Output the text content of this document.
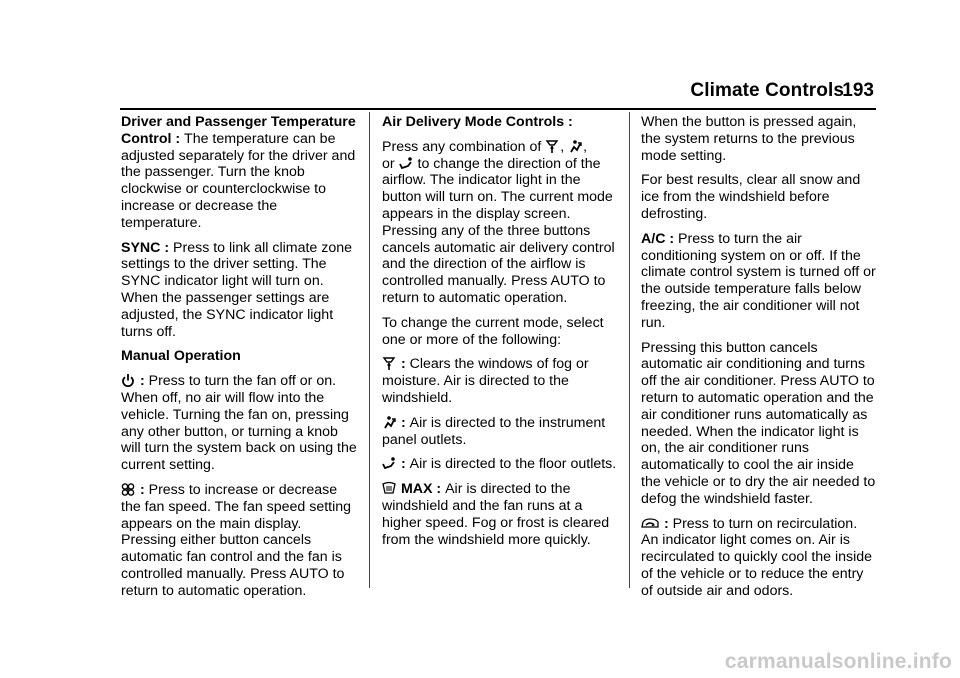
Climate Controls
193

Driver and Passenger Temperature Control : The temperature can be adjusted separately for the driver and the passenger. Turn the knob clockwise or counterclockwise to increase or decrease the temperature.

SYNC : Press to link all climate zone settings to the driver setting. The SYNC indicator light will turn on. When the passenger settings are adjusted, the SYNC indicator light turns off.

Manual Operation

: Press to turn the fan off or on. When off, no air will flow into the vehicle. Turning the fan on, pressing any other button, or turning a knob will turn the system back on using the current setting.

: Press to increase or decrease the fan speed. The fan speed setting appears on the main display. Pressing either button cancels automatic fan control and the fan is controlled manually. Press AUTO to return to automatic operation.

Air Delivery Mode Controls :

Press any combination of
,
,
or
to change the direction of the airflow. The indicator light in the button will turn on. The current mode appears in the display screen. Pressing any of the three buttons cancels automatic air delivery control and the direction of the airflow is controlled manually. Press AUTO to return to automatic operation.

To change the current mode, select one or more of the following:

: Clears the windows of fog or moisture. Air is directed to the windshield.

: Air is directed to the instrument panel outlets.

: Air is directed to the floor outlets.

MAX : Air is directed to the windshield and the fan runs at a higher speed. Fog or frost is cleared from the windshield more quickly.

When the button is pressed again, the system returns to the previous mode setting.

For best results, clear all snow and ice from the windshield before defrosting.

A/C : Press to turn the air conditioning system on or off. If the climate control system is turned off or the outside temperature falls below freezing, the air conditioner will not run.

Pressing this button cancels automatic air conditioning and turns off the air conditioner. Press AUTO to return to automatic operation and the air conditioner runs automatically as needed. When the indicator light is on, the air conditioner runs automatically to cool the air inside the vehicle or to dry the air needed to defog the windshield faster.

: Press to turn on recirculation. An indicator light comes on. Air is recirculated to quickly cool the inside of the vehicle or to reduce the entry of outside air and odors.

carmanualsonline.info
